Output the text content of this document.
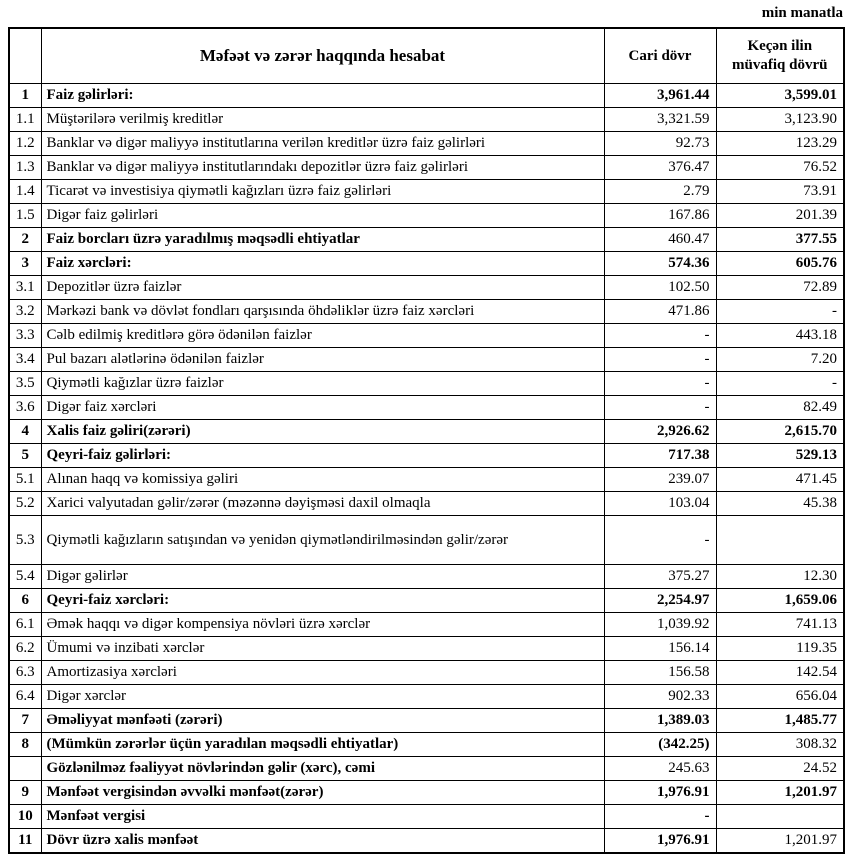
min manatla
	Məfəət və zərər haqqında hesabat	Cari dövr	Keçən ilin müvafiq dövrü
1	Faiz gəlirləri:	3,961.44	3,599.01
1.1	Müştərilərə verilmiş kreditlər	3,321.59	3,123.90
1.2	Banklar və digər maliyyə institutlarına verilən kreditlər üzrə faiz gəlirləri	92.73	123.29
1.3	Banklar və digər maliyyə institutlarındakı depozitlər üzrə faiz gəlirləri	376.47	76.52
1.4	Ticarət və investisiya qiymətli kağızları üzrə faiz gəlirləri	2.79	73.91
1.5	Digər faiz gəlirləri	167.86	201.39
2	Faiz borcları üzrə yaradılmış məqsədli ehtiyatlar	460.47	377.55
3	Faiz xərcləri:	574.36	605.76
3.1	Depozitlər üzrə faizlər	102.50	72.89
3.2	Mərkəzi bank və dövlət fondları qarşısında öhdəliklər üzrə faiz xərcləri	471.86	-
3.3	Cəlb edilmiş kreditlərə görə ödənilən faizlər	-	443.18
3.4	Pul bazarı alətlərinə ödənilən faizlər	-	7.20
3.5	Qiymətli kağızlar üzrə faizlər	-	-
3.6	Digər faiz xərcləri	-	82.49
4	Xalis faiz gəliri(zərəri)	2,926.62	2,615.70
5	Qeyri-faiz gəlirləri:	717.38	529.13
5.1	Alınan haqq və komissiya gəliri	239.07	471.45
5.2	Xarici valyutadan gəlir/zərər (məzənnə dəyişməsi daxil olmaqla	103.04	45.38
5.3	Qiymətli kağızların satışından və yenidən qiymətləndirilməsindən gəlir/zərər	-	
5.4	Digər gəlirlər	375.27	12.30
6	Qeyri-faiz xərcləri:	2,254.97	1,659.06
6.1	Əmək haqqı və digər kompensiya növləri üzrə xərclər	1,039.92	741.13
6.2	Ümumi və inzibati xərclər	156.14	119.35
6.3	Amortizasiya xərcləri	156.58	142.54
6.4	Digər xərclər	902.33	656.04
7	Əməliyyat mənfəəti (zərəri)	1,389.03	1,485.77
8	(Mümkün zərərlər üçün yaradılan məqsədli ehtiyatlar)	(342.25)	308.32
	Gözlənilməz fəaliyyət növlərindən gəlir (xərc), cəmi	245.63	24.52
9	Mənfəət vergisindən əvvəlki mənfəət(zərər)	1,976.91	1,201.97
10	Mənfəət vergisi	-	
11	Dövr üzrə xalis mənfəət	1,976.91	1,201.97
